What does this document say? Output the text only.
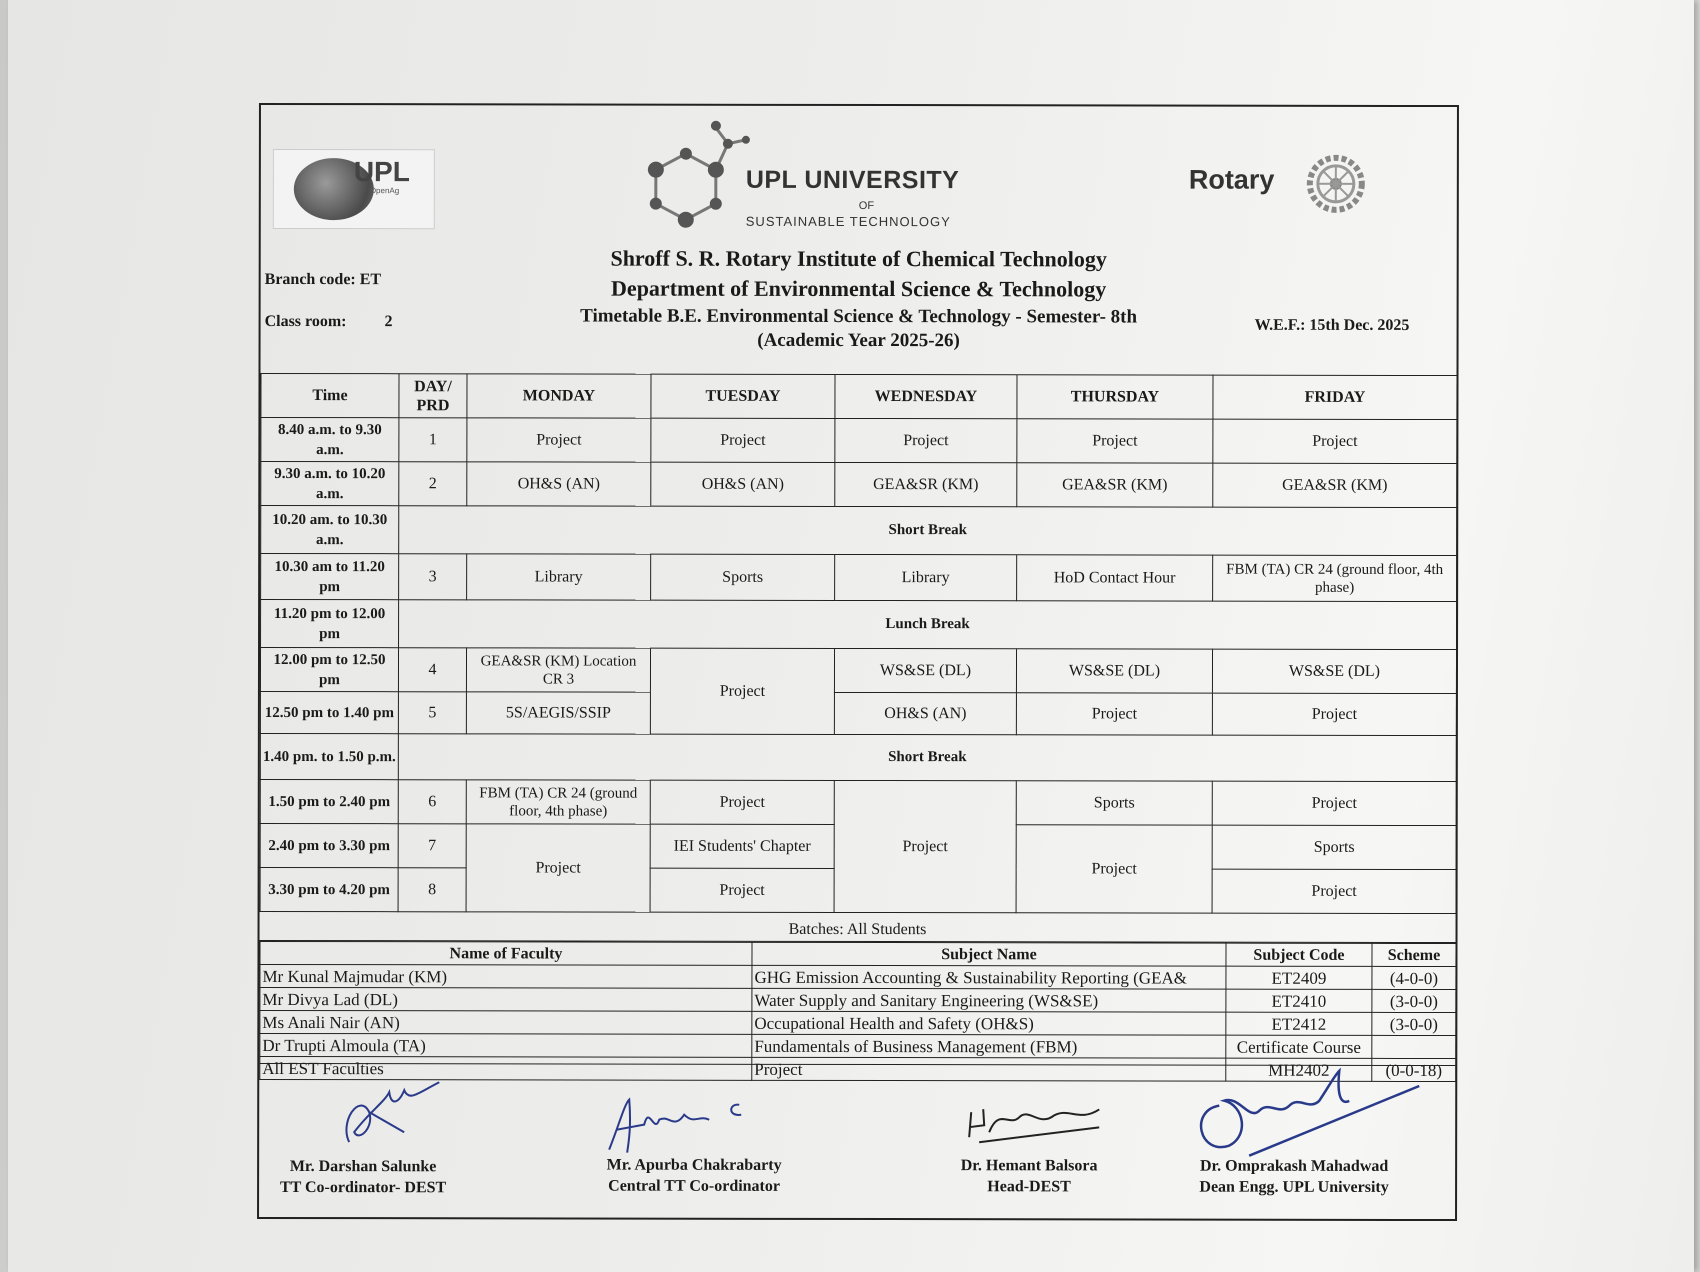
UPL
OpenAg	UPL UNIVERSITY
OF
SUSTAINABLE TECHNOLOGY
Rotary
Shroff S. R. Rotary Institute of Chemical Technology
Department of Environmental Science & Technology
Timetable B.E. Environmental Science & Technology - Semester- 8th
(Academic Year 2025-26)
Branch code: ET
Class room: 2	W.E.F.: 15th Dec. 2025
Time	DAY/ PRD	MONDAY	TUESDAY	WEDNESDAY	THURSDAY	FRIDAY
8.40 a.m. to 9.30 a.m.	1	Project	Project	Project	Project	Project
9.30 a.m. to 10.20 a.m.	2	OH&S (AN)	OH&S (AN)	GEA&SR (KM)	GEA&SR (KM)	GEA&SR (KM)
10.20 am. to 10.30 a.m.	Short Break					
10.30 am to 11.20 pm	3	Library	Sports	Library	HoD Contact Hour	FBM (TA) CR 24 (ground floor, 4th phase)
11.20 pm to 12.00 pm	Lunch Break					
12.00 pm to 12.50 pm	4	GEA&SR (KM) Location CR 3	Project	WS&SE (DL)	WS&SE (DL)	WS&SE (DL)
12.50 pm to 1.40 pm	5	5S/AEGIS/SSIP		OH&S (AN)	Project	Project
1.40 pm. to 1.50 p.m.	Short Break					
1.50 pm to 2.40 pm	6	FBM (TA) CR 24 (ground floor, 4th phase)	Project	Project	Sports	Project
2.40 pm to 3.30 pm	7	Project	IEI Students' Chapter		Project	Sports
3.30 pm to 4.20 pm	8		Project			Project
Batches: All Students
Name of Faculty	Subject Name	Subject Code	Scheme
Mr Kunal Majmudar (KM)	GHG Emission Accounting & Sustainability Reporting (GEA&	ET2409	(4-0-0)
Mr Divya Lad (DL)	Water Supply and Sanitary Engineering (WS&SE)	ET2410	(3-0-0)
Ms Anali Nair (AN)	Occupational Health and Safety (OH&S)	ET2412	(3-0-0)
Dr Trupti Almoula (TA)	Fundamentals of Business Management (FBM)	Certificate Course	
All EST Faculties	Project	MH2402	(0-0-18)
Mr. Darshan Salunke
TT Co-ordinator- DEST
Mr. Apurba Chakrabarty
Central TT Co-ordinator
Dr. Hemant Balsora
Head-DEST
Dr. Omprakash Mahadwad
Dean Engg. UPL University
